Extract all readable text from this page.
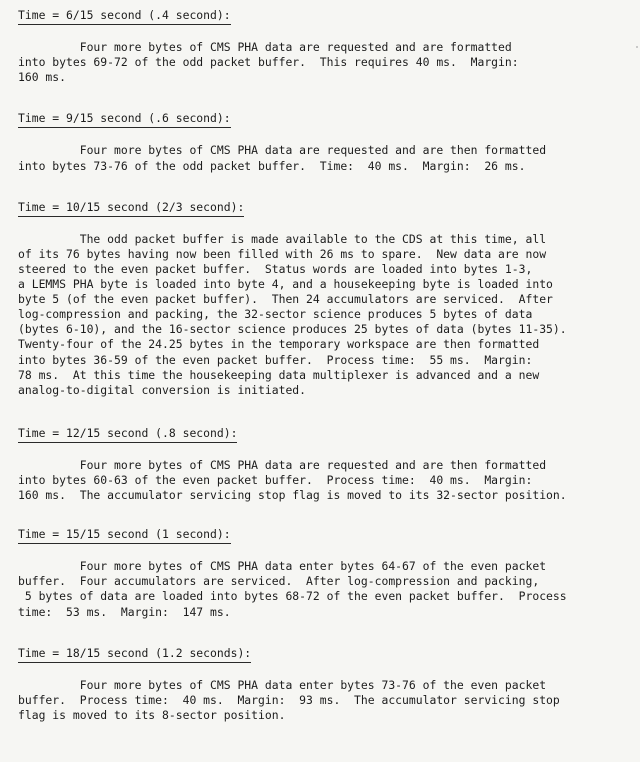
Time = 6/15 second (.4 second):
Four more bytes of CMS PHA data are requested and are formatted
into bytes 69-72 of the odd packet buffer.  This requires 40 ms.  Margin:
160 ms.
Time = 9/15 second (.6 second):
Four more bytes of CMS PHA data are requested and are then formatted
into bytes 73-76 of the odd packet buffer.  Time:  40 ms.  Margin:  26 ms.
Time = 10/15 second (2/3 second):
The odd packet buffer is made available to the CDS at this time, all
of its 76 bytes having now been filled with 26 ms to spare.  New data are now
steered to the even packet buffer.  Status words are loaded into bytes 1-3,
a LEMMS PHA byte is loaded into byte 4, and a housekeeping byte is loaded into
byte 5 (of the even packet buffer).  Then 24 accumulators are serviced.  After
log-compression and packing, the 32-sector science produces 5 bytes of data
(bytes 6-10), and the 16-sector science produces 25 bytes of data (bytes 11-35).
Twenty-four of the 24.25 bytes in the temporary workspace are then formatted
into bytes 36-59 of the even packet buffer.  Process time:  55 ms.  Margin:
78 ms.  At this time the housekeeping data multiplexer is advanced and a new
analog-to-digital conversion is initiated.
Time = 12/15 second (.8 second):
Four more bytes of CMS PHA data are requested and are then formatted
into bytes 60-63 of the even packet buffer.  Process time:  40 ms.  Margin:
160 ms.  The accumulator servicing stop flag is moved to its 32-sector position.
Time = 15/15 second (1 second):
Four more bytes of CMS PHA data enter bytes 64-67 of the even packet
buffer.  Four accumulators are serviced.  After log-compression and packing,
5 bytes of data are loaded into bytes 68-72 of the even packet buffer.  Process
time:  53 ms.  Margin:  147 ms.
Time = 18/15 second (1.2 seconds):
Four more bytes of CMS PHA data enter bytes 73-76 of the even packet
buffer.  Process time:  40 ms.  Margin:  93 ms.  The accumulator servicing stop
flag is moved to its 8-sector position.
